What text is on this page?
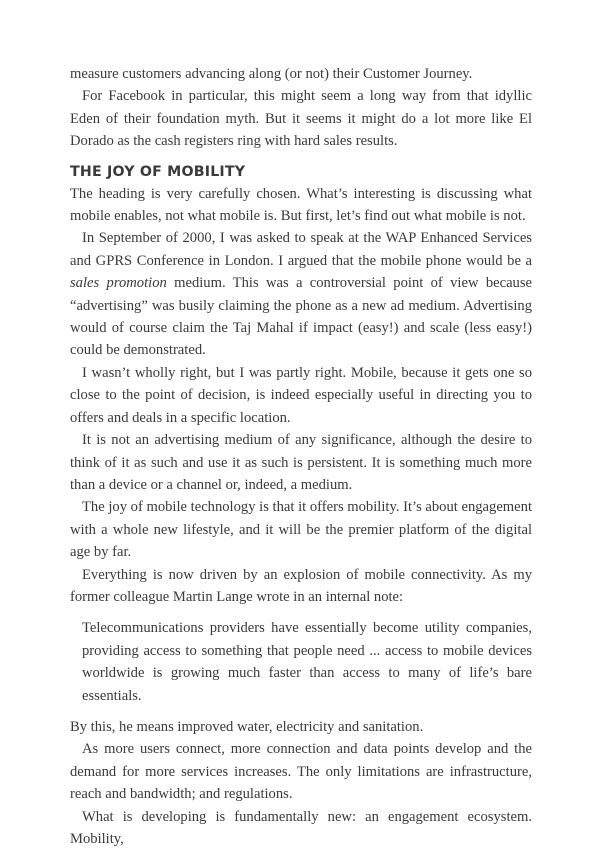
measure customers advancing along (or not) their Customer Journey.

For Facebook in particular, this might seem a long way from that idyllic Eden of their foundation myth. But it seems it might do a lot more like El Dorado as the cash registers ring with hard sales results.

THE JOY OF MOBILITY

The heading is very carefully chosen. What’s interesting is discussing what mobile enables, not what mobile is. But first, let’s find out what mobile is not.

In September of 2000, I was asked to speak at the WAP Enhanced Services and GPRS Conference in London. I argued that the mobile phone would be a sales promotion medium. This was a controversial point of view because “advertising” was busily claiming the phone as a new ad medium. Advertising would of course claim the Taj Mahal if impact (easy!) and scale (less easy!) could be demonstrated.

I wasn’t wholly right, but I was partly right. Mobile, because it gets one so close to the point of decision, is indeed especially useful in directing you to offers and deals in a specific location.

It is not an advertising medium of any significance, although the desire to think of it as such and use it as such is persistent. It is something much more than a device or a channel or, indeed, a medium.

The joy of mobile technology is that it offers mobility. It’s about engagement with a whole new lifestyle, and it will be the premier platform of the digital age by far.

Everything is now driven by an explosion of mobile connectivity. As my former colleague Martin Lange wrote in an internal note:

Telecommunications providers have essentially become utility companies, providing access to something that people need ... access to mobile devices worldwide is growing much faster than access to many of life’s bare essentials.

By this, he means improved water, electricity and sanitation.

As more users connect, more connection and data points develop and the demand for more services increases. The only limitations are infrastructure, reach and bandwidth; and regulations.

What is developing is fundamentally new: an engagement ecosystem. Mobility,
